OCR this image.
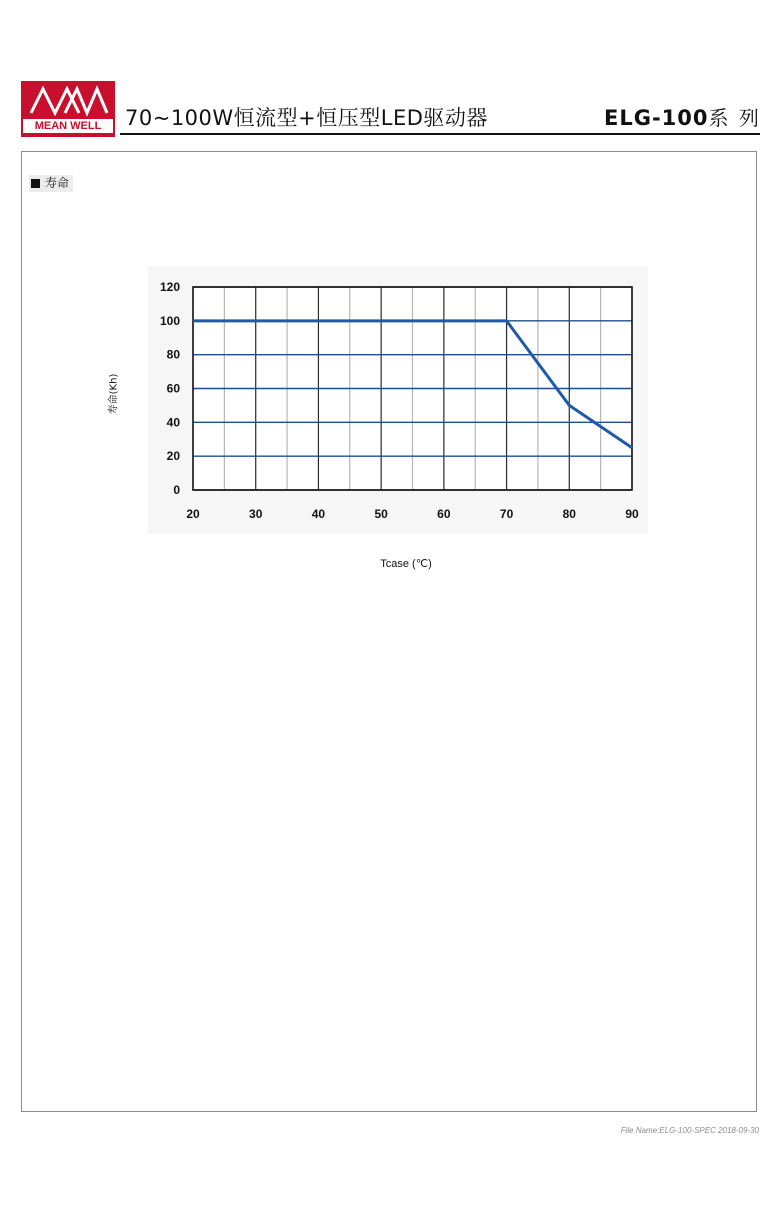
MEAN WELL	70~100W恒流型+恒压型LED驱动器	ELG-100系 列
寿命
0
20
40
60
80
100
120
20	30	40	50	60	70	80	90
寿命(Kh)
Tcase (℃)
File Name:ELG-100-SPEC 2018-09-30
